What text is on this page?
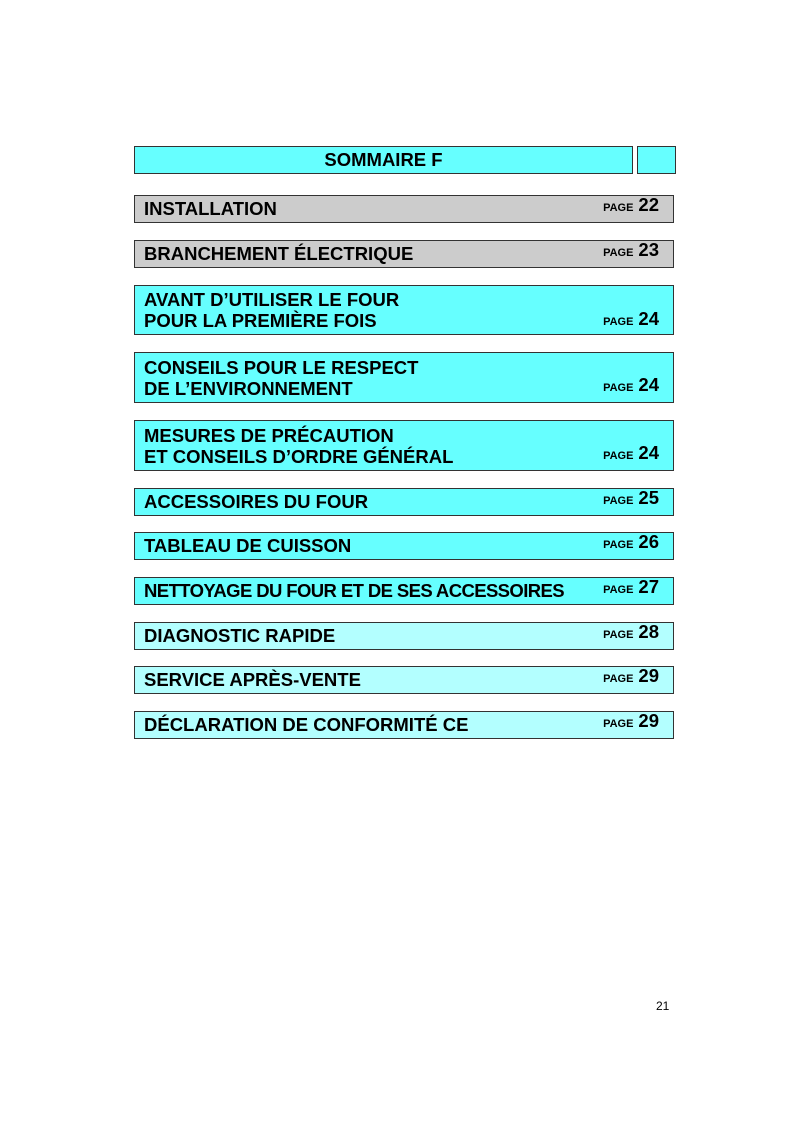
SOMMAIRE F
INSTALLATION	PAGE 22
BRANCHEMENT ÉLECTRIQUE	PAGE 23
AVANT D’UTILISER LE FOUR
POUR LA PREMIÈRE FOIS	PAGE 24
CONSEILS POUR LE RESPECT
DE L’ENVIRONNEMENT	PAGE 24
MESURES DE PRÉCAUTION
ET CONSEILS D’ORDRE GÉNÉRAL	PAGE 24
ACCESSOIRES DU FOUR	PAGE 25
TABLEAU DE CUISSON	PAGE 26
NETTOYAGE DU FOUR ET DE SES ACCESSOIRES	PAGE 27
DIAGNOSTIC RAPIDE	PAGE 28
SERVICE APRÈS-VENTE	PAGE 29
DÉCLARATION DE CONFORMITÉ CE	PAGE 29
21
